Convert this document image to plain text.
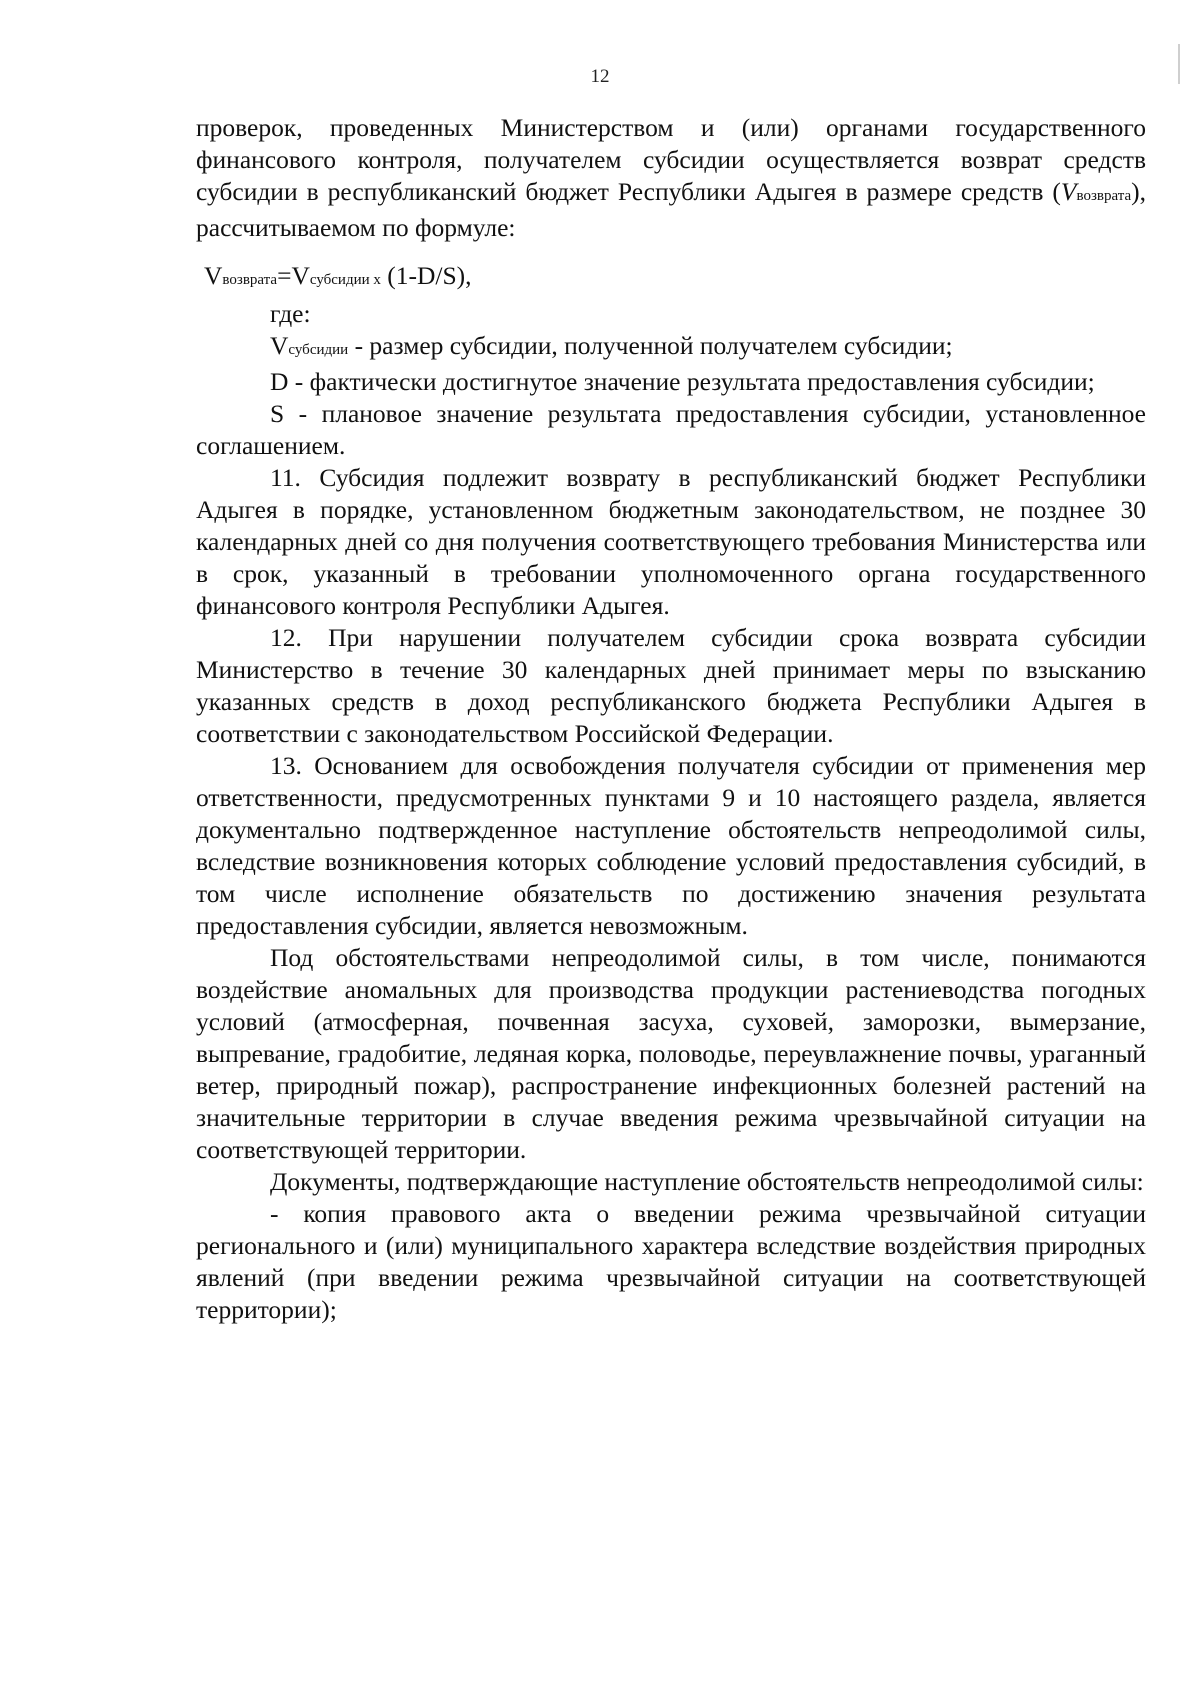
12

проверок, проведенных Министерством и (или) органами государственного финансового контроля, получателем субсидии осуществляется возврат средств субсидии в республиканский бюджет Республики Адыгея в размере средств (Vвозврата), рассчитываемом по формуле:

Vвозврата=Vсубсидии х (1-D/S),

где:

Vсубсидии - размер субсидии, полученной получателем субсидии;

D - фактически достигнутое значение результата предоставления субсидии;

S - плановое значение результата предоставления субсидии, установленное соглашением.

11. Субсидия подлежит возврату в республиканский бюджет Республики Адыгея в порядке, установленном бюджетным законодательством, не позднее 30 календарных дней со дня получения соответствующего требования Министерства или в срок, указанный в требовании уполномоченного органа государственного финансового контроля Республики Адыгея.

12. При нарушении получателем субсидии срока возврата субсидии Министерство в течение 30 календарных дней принимает меры по взысканию указанных средств в доход республиканского бюджета Республики Адыгея в соответствии с законодательством Российской Федерации.

13. Основанием для освобождения получателя субсидии от применения мер ответственности, предусмотренных пунктами 9 и 10 настоящего раздела, является документально подтвержденное наступление обстоятельств непреодолимой силы, вследствие возникновения которых соблюдение условий предоставления субсидий, в том числе исполнение обязательств по достижению значения результата предоставления субсидии, является невозможным.

Под обстоятельствами непреодолимой силы, в том числе, понимаются воздействие аномальных для производства продукции растениеводства погодных условий (атмосферная, почвенная засуха, суховей, заморозки, вымерзание, выпревание, градобитие, ледяная корка, половодье, переувлажнение почвы, ураганный ветер, природный пожар), распространение инфекционных болезней растений на значительные территории в случае введения режима чрезвычайной ситуации на соответствующей территории.

Документы, подтверждающие наступление обстоятельств непреодолимой силы:

- копия правового акта о введении режима чрезвычайной ситуации регионального и (или) муниципального характера вследствие воздействия природных явлений (при введении режима чрезвычайной ситуации на соответствующей территории);
